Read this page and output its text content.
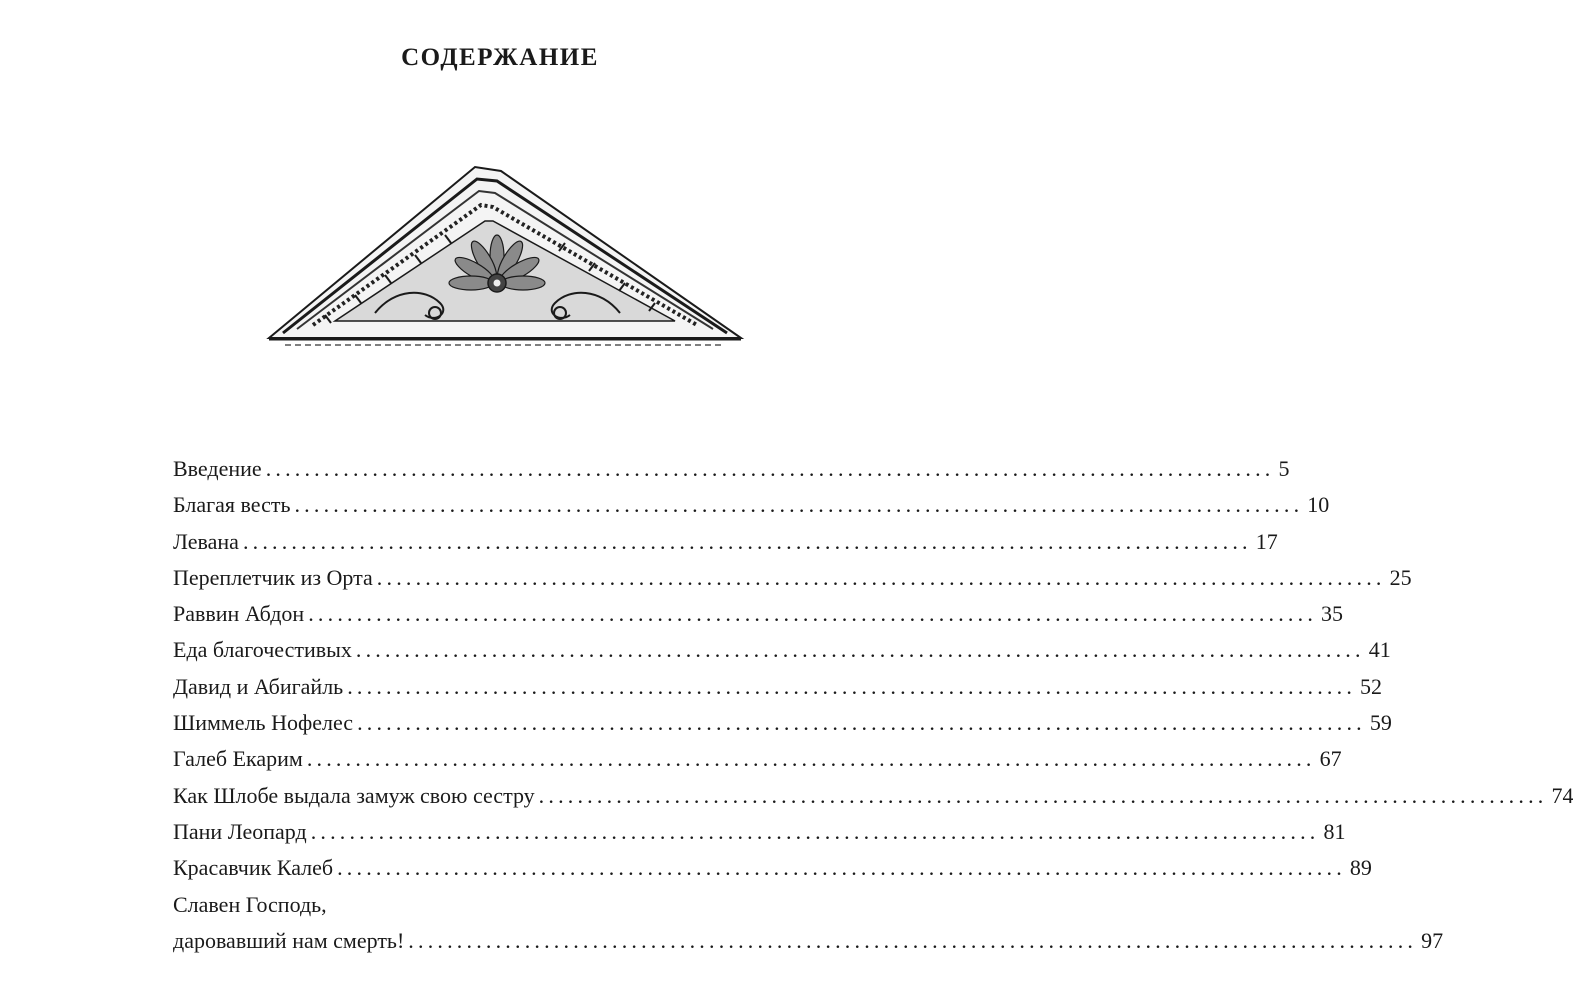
СОДЕРЖАНИЕ
Введение ........................................................................................................ 5
Благая весть ........................................................................................................ 10
Левана ........................................................................................................ 17
Переплетчик из Орта ........................................................................................................ 25
Раввин Абдон ........................................................................................................ 35
Еда благочестивых ........................................................................................................ 41
Давид и Абигайль ........................................................................................................ 52
Шиммель Нофелес ........................................................................................................ 59
Галеб Екарим ........................................................................................................ 67
Как Шлобе выдала замуж свою сестру ........................................................................................................ 74
Пани Леопард ........................................................................................................ 81
Красавчик Калеб ........................................................................................................ 89
Славен Господь,
даровавший нам смерть! ........................................................................................................ 97
